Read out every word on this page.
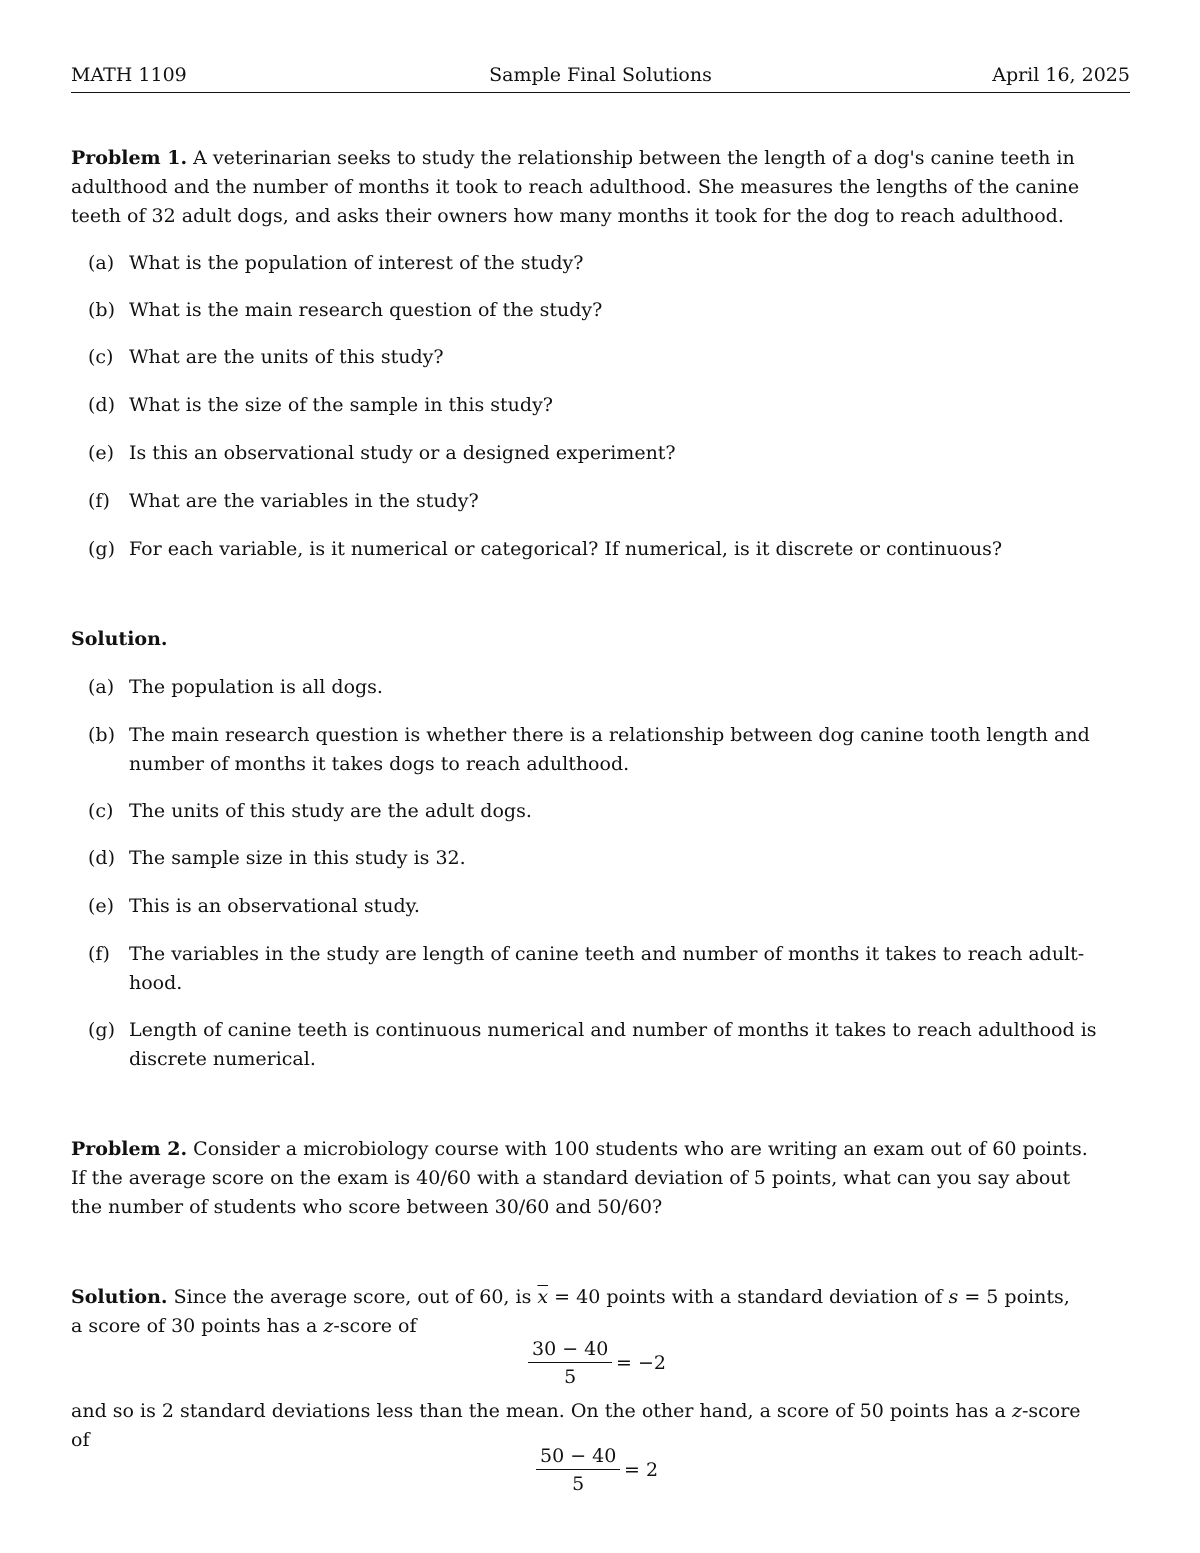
MATH 1109	Sample Final Solutions	April 16, 2025
Problem 1. A veterinarian seeks to study the relationship between the length of a dog's canine teeth in
adulthood and the number of months it took to reach adulthood. She measures the lengths of the canine
teeth of 32 adult dogs, and asks their owners how many months it took for the dog to reach adulthood.
(a) What is the population of interest of the study?
(b) What is the main research question of the study?
(c) What are the units of this study?
(d) What is the size of the sample in this study?
(e) Is this an observational study or a designed experiment?
(f) What are the variables in the study?
(g) For each variable, is it numerical or categorical? If numerical, is it discrete or continuous?
Solution.
(a) The population is all dogs.
(b) The main research question is whether there is a relationship between dog canine tooth length and
number of months it takes dogs to reach adulthood.
(c) The units of this study are the adult dogs.
(d) The sample size in this study is 32.
(e) This is an observational study.
(f) The variables in the study are length of canine teeth and number of months it takes to reach adult-
hood.
(g) Length of canine teeth is continuous numerical and number of months it takes to reach adulthood is
discrete numerical.
Problem 2. Consider a microbiology course with 100 students who are writing an exam out of 60 points.
If the average score on the exam is 40/60 with a standard deviation of 5 points, what can you say about
the number of students who score between 30/60 and 50/60?
Solution. Since the average score, out of 60, is $\overline{x} = 40$ points with a standard deviation of s = 5 points,
a score of 30 points has a z-score of
$\frac{30 - 40}{5} = -2$
and so is 2 standard deviations less than the mean. On the other hand, a score of 50 points has a z-score
of
$\frac{50 - 40}{5} = 2$
